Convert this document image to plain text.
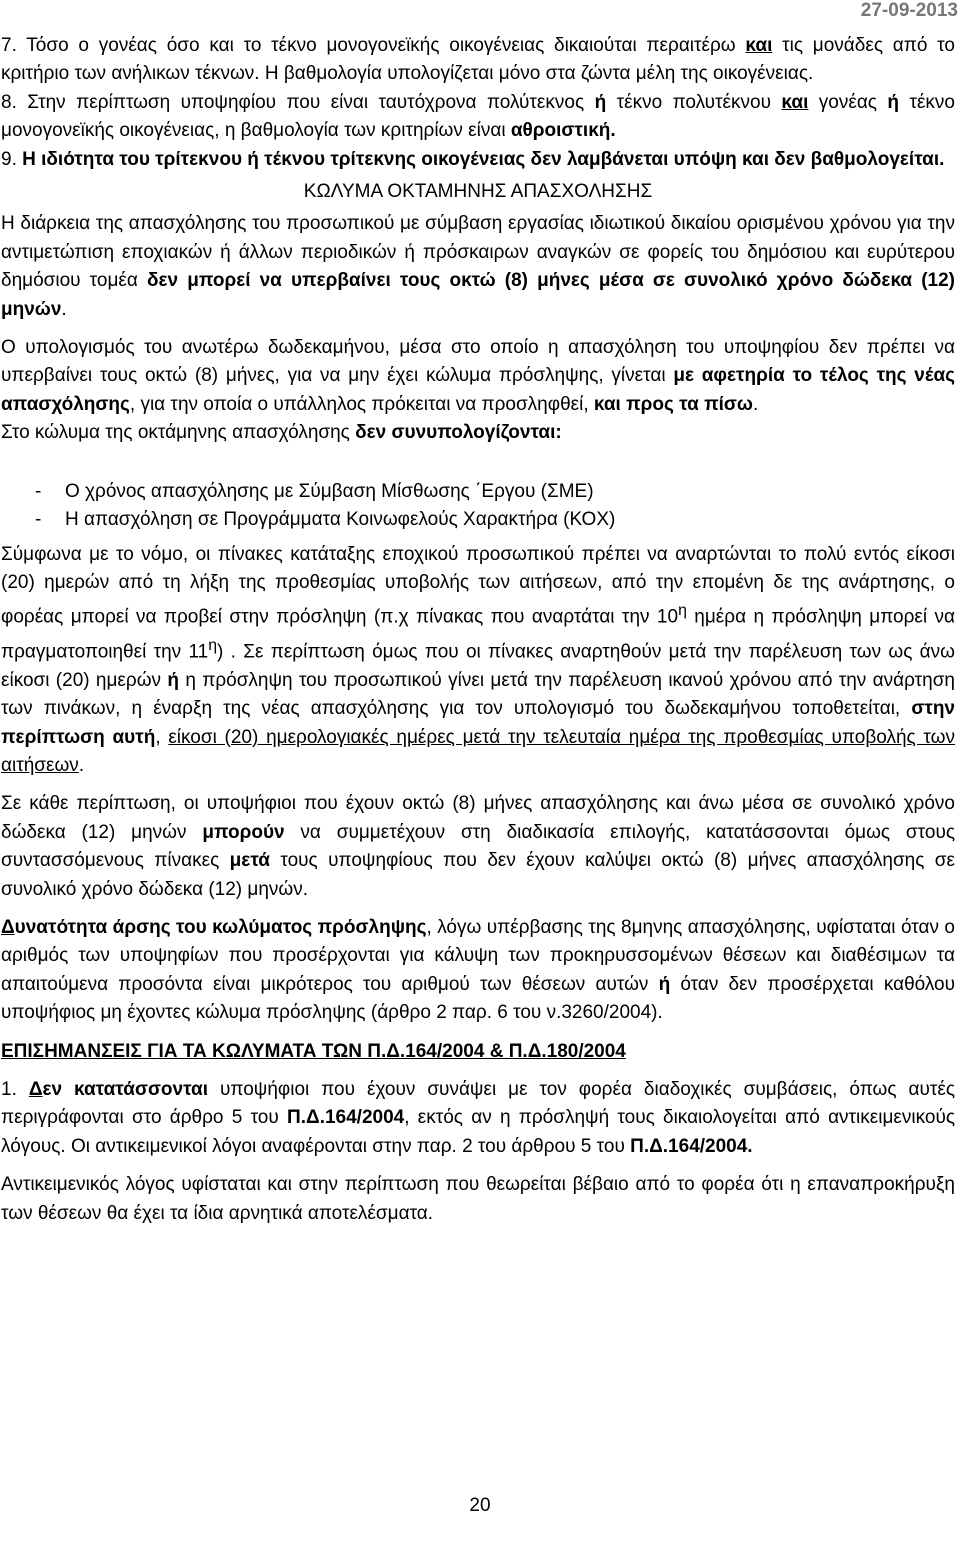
27-09-2013

7. Τόσο ο γονέας όσο και το τέκνο μονογονεϊκής οικογένειας δικαιούται περαιτέρω και τις μονάδες από το κριτήριο των ανήλικων τέκνων. Η βαθμολογία υπολογίζεται μόνο στα ζώντα μέλη της οικογένειας.

8. Στην περίπτωση υποψηφίου που είναι ταυτόχρονα πολύτεκνος ή τέκνο πολυτέκνου και γονέας ή τέκνο μονογονεϊκής οικογένειας, η βαθμολογία των κριτηρίων είναι αθροιστική.

9. Η ιδιότητα του τρίτεκνου ή τέκνου τρίτεκνης οικογένειας δεν λαμβάνεται υπόψη και δεν βαθμολογείται.

ΚΩΛΥΜΑ ΟΚΤΑΜΗΝΗΣ ΑΠΑΣΧΟΛΗΣΗΣ

Η διάρκεια της απασχόλησης του προσωπικού με σύμβαση εργασίας ιδιωτικού δικαίου ορισμένου χρόνου για την αντιμετώπιση εποχιακών ή άλλων περιοδικών ή πρόσκαιρων αναγκών σε φορείς του δημόσιου και ευρύτερου δημόσιου τομέα δεν μπορεί να υπερβαίνει τους οκτώ (8) μήνες μέσα σε συνολικό χρόνο δώδεκα (12) μηνών.

Ο υπολογισμός του ανωτέρω δωδεκαμήνου, μέσα στο οποίο η απασχόληση του υποψηφίου δεν πρέπει να υπερβαίνει τους οκτώ (8) μήνες, για να μην έχει κώλυμα πρόσληψης, γίνεται με αφετηρία το τέλος της νέας απασχόλησης, για την οποία ο υπάλληλος πρόκειται να προσληφθεί, και προς τα πίσω.

Στο κώλυμα της οκτάμηνης απασχόλησης δεν συνυπολογίζονται:

- Ο χρόνος απασχόλησης με Σύμβαση Μίσθωσης ΄Εργου (ΣΜΕ)
- Η απασχόληση σε Προγράμματα Κοινωφελούς Χαρακτήρα (ΚΟΧ)

Σύμφωνα με το νόμο, οι πίνακες κατάταξης εποχικού προσωπικού πρέπει να αναρτώνται το πολύ εντός είκοσι (20) ημερών από τη λήξη της προθεσμίας υποβολής των αιτήσεων, από την επομένη δε της ανάρτησης, ο φορέας μπορεί να προβεί στην πρόσληψη (π.χ πίνακας που αναρτάται την $10^\eta$ ημέρα η πρόσληψη μπορεί να πραγματοποιηθεί την $11^\eta$) . Σε περίπτωση όμως που οι πίνακες αναρτηθούν μετά την παρέλευση των ως άνω είκοσι (20) ημερών ή η πρόσληψη του προσωπικού γίνει μετά την παρέλευση ικανού χρόνου από την ανάρτηση των πινάκων, η έναρξη της νέας απασχόλησης για τον υπολογισμό του δωδεκαμήνου τοποθετείται, στην περίπτωση αυτή, είκοσι (20) ημερολογιακές ημέρες μετά την τελευταία ημέρα της προθεσμίας υποβολής των αιτήσεων.

Σε κάθε περίπτωση, οι υποψήφιοι που έχουν οκτώ (8) μήνες απασχόλησης και άνω μέσα σε συνολικό χρόνο δώδεκα (12) μηνών μπορούν να συμμετέχουν στη διαδικασία επιλογής, κατατάσσονται όμως στους συντασσόμενους πίνακες μετά τους υποψηφίους που δεν έχουν καλύψει οκτώ (8) μήνες απασχόλησης σε συνολικό χρόνο δώδεκα (12) μηνών.

Δυνατότητα άρσης του κωλύματος πρόσληψης, λόγω υπέρβασης της 8μηνης απασχόλησης, υφίσταται όταν ο αριθμός των υποψηφίων που προσέρχονται για κάλυψη των προκηρυσσομένων θέσεων και διαθέσιμων τα απαιτούμενα προσόντα είναι μικρότερος του αριθμού των θέσεων αυτών ή όταν δεν προσέρχεται καθόλου υποψήφιος μη έχοντες κώλυμα πρόσληψης (άρθρο 2 παρ. 6 του ν.3260/2004).

ΕΠΙΣΗΜΑΝΣΕΙΣ ΓΙΑ ΤΑ ΚΩΛΥΜΑΤΑ ΤΩΝ Π.Δ.164/2004 & Π.Δ.180/2004

1. Δεν κατατάσσονται υποψήφιοι που έχουν συνάψει με τον φορέα διαδοχικές συμβάσεις, όπως αυτές περιγράφονται στο άρθρο 5 του Π.Δ.164/2004, εκτός αν η πρόσληψή τους δικαιολογείται από αντικειμενικούς λόγους. Οι αντικειμενικοί λόγοι αναφέρονται στην παρ. 2 του άρθρου 5 του Π.Δ.164/2004.

Αντικειμενικός λόγος υφίσταται και στην περίπτωση που θεωρείται βέβαιο από το φορέα ότι η επαναπροκήρυξη των θέσεων θα έχει τα ίδια αρνητικά αποτελέσματα.

20
